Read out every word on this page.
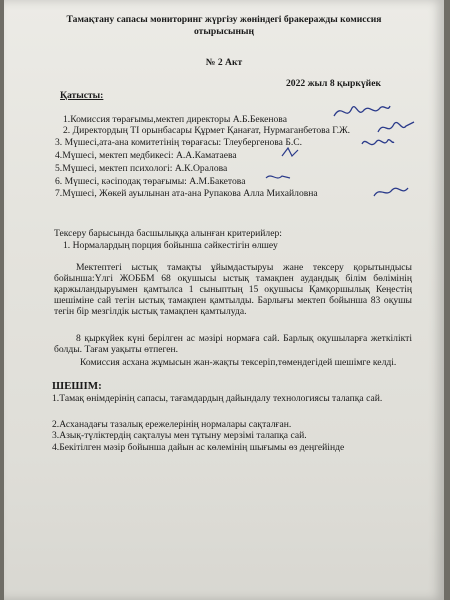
Тамақтану сапасы мониторинг жүргізу жөніндегі бракеражды комиссия
отырысының
№ 2 Акт
2022 жыл 8 қыркүйек
Қатысты:
1.Комиссия төрағымы,мектеп директоры А.Б.Бекенова
2. Директордың ТІ орынбасары Құрмет Қанағат, Нурмаганбетова Г.Ж.
3. Мүшесі,ата-ана комитетінің төрағасы: Тлеубергенова Б.С.
4.Мүшесі, мектеп медбикесі: А.А.Каматаева
5.Мүшесі, мектеп психологі: А.К.Оралова
6. Мүшесі, кәсіподақ төрағымы: А.М.Бакетова
7.Мүшесі, Жөкей ауылынан ата-ана Рупакова Алла Михайловна
Тексеру барысында басшылыққа алынған критерийлер:
1. Нормалардың порция бойынша сәйкестігін өлшеу
Мектептегі ыстық тамақты ұйымдастыруы жане тексеру қорытындысы бойынша:Үлгі ЖОББМ 68 оқушысы ыстық тамақпен аудандық білім бөлімінің қаржыландыруымен қамтылса 1 сыныптың 15 оқушысы Қамқоршылық Кеңестің шешіміне сай тегін ыстық тамақпен қамтылды. Барлығы мектеп бойынша 83 оқушы тегін бір мезгілдік ыстық тамақпен қамтылуда.
8 қыркүйек күні берілген ас мәзірі нормаға сай. Барлық оқушыларға жеткілікті болды. Тағам уақыты өтпеген.
Комиссия асхана жұмысын жан-жақты тексеріп,төмендегідей шешімге келді.
ШЕШІМ:
1.Тамақ өнімдерінің сапасы, тағамдардың дайындалу технологиясы талапқа сай.
2.Асханадағы тазалық ережелерінің нормалары сақталған.
3.Азық-түліктердің сақталуы мен тұтыну мерзімі талапқа сай.
4.Бекітілген мәзір бойынша дайын ас көлемінің шығымы өз деңгейінде
